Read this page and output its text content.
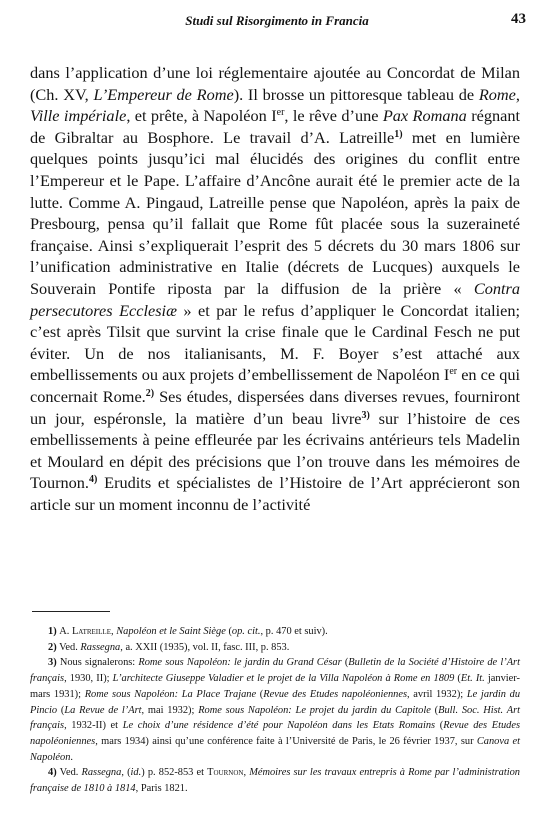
Studi sul Risorgimento in Francia	43

dans l’application d’une loi réglementaire ajoutée au Concordat de Milan (Ch. XV, L’Empereur de Rome). Il brosse un pittoresque tableau de Rome, Ville impériale, et prête, à Napoléon Ier, le rêve d’une Pax Romana régnant de Gibraltar au Bosphore. Le travail d’A. Latreille$^{1)}$ met en lumière quelques points jusqu’ici mal élucidés des origines du conflit entre l’Empereur et le Pape. L’affaire d’Ancône aurait été le premier acte de la lutte. Comme A. Pingaud, Latreille pense que Napoléon, après la paix de Presbourg, pensa qu’il fallait que Rome fût placée sous la suzeraineté française. Ainsi s’expliquerait l’esprit des 5 décrets du 30 mars 1806 sur l’unification administrative en Italie (décrets de Lucques) auxquels le Souverain Pontife riposta par la diffusion de la prière « Contra persecutores Ecclesiæ » et par le refus d’appliquer le Concordat italien; c’est après Tilsit que survint la crise finale que le Cardinal Fesch ne put éviter. Un de nos italianisants, M. F. Boyer s’est attaché aux embellissements ou aux projets d’embellissement de Napoléon Ier en ce qui concernait Rome.$^{2)}$ Ses études, dispersées dans diverses revues, fourniront un jour, espéronsle, la matière d’un beau livre$^{3)}$ sur l’histoire de ces embellissements à peine effleurée par les écrivains antérieurs tels Madelin et Moulard en dépit des précisions que l’on trouve dans les mémoires de Tournon.$^{4)}$ Erudits et spécialistes de l’Histoire de l’Art apprécieront son article sur un moment inconnu de l’activité

1) A. Latreille, Napoléon et le Saint Siège (op. cit., p. 470 et suiv).

2) Ved. Rassegna, a. XXII (1935), vol. II, fasc. III, p. 853.

3) Nous signalerons: Rome sous Napoléon: le jardin du Grand César (Bulletin de la Société d’Histoire de l’Art français, 1930, II); L’architecte Giuseppe Valadier et le projet de la Villa Napoléon à Rome en 1809 (Et. It. janvier-mars 1931); Rome sous Napoléon: La Place Trajane (Revue des Etudes napoléoniennes, avril 1932); Le jardin du Pincio (La Revue de l’Art, mai 1932); Rome sous Napoléon: Le projet du jardin du Capitole (Bull. Soc. Hist. Art français, 1932-II) et Le choix d’une résidence d’été pour Napoléon dans les Etats Romains (Revue des Etudes napoléoniennes, mars 1934) ainsi qu’une conférence faite à l’Université de Paris, le 26 février 1937, sur Canova et Napoléon.

4) Ved. Rassegna, (id.) p. 852-853 et Tournon, Mémoires sur les travaux entrepris à Rome par l’administration française de 1810 à 1814, Paris 1821.
